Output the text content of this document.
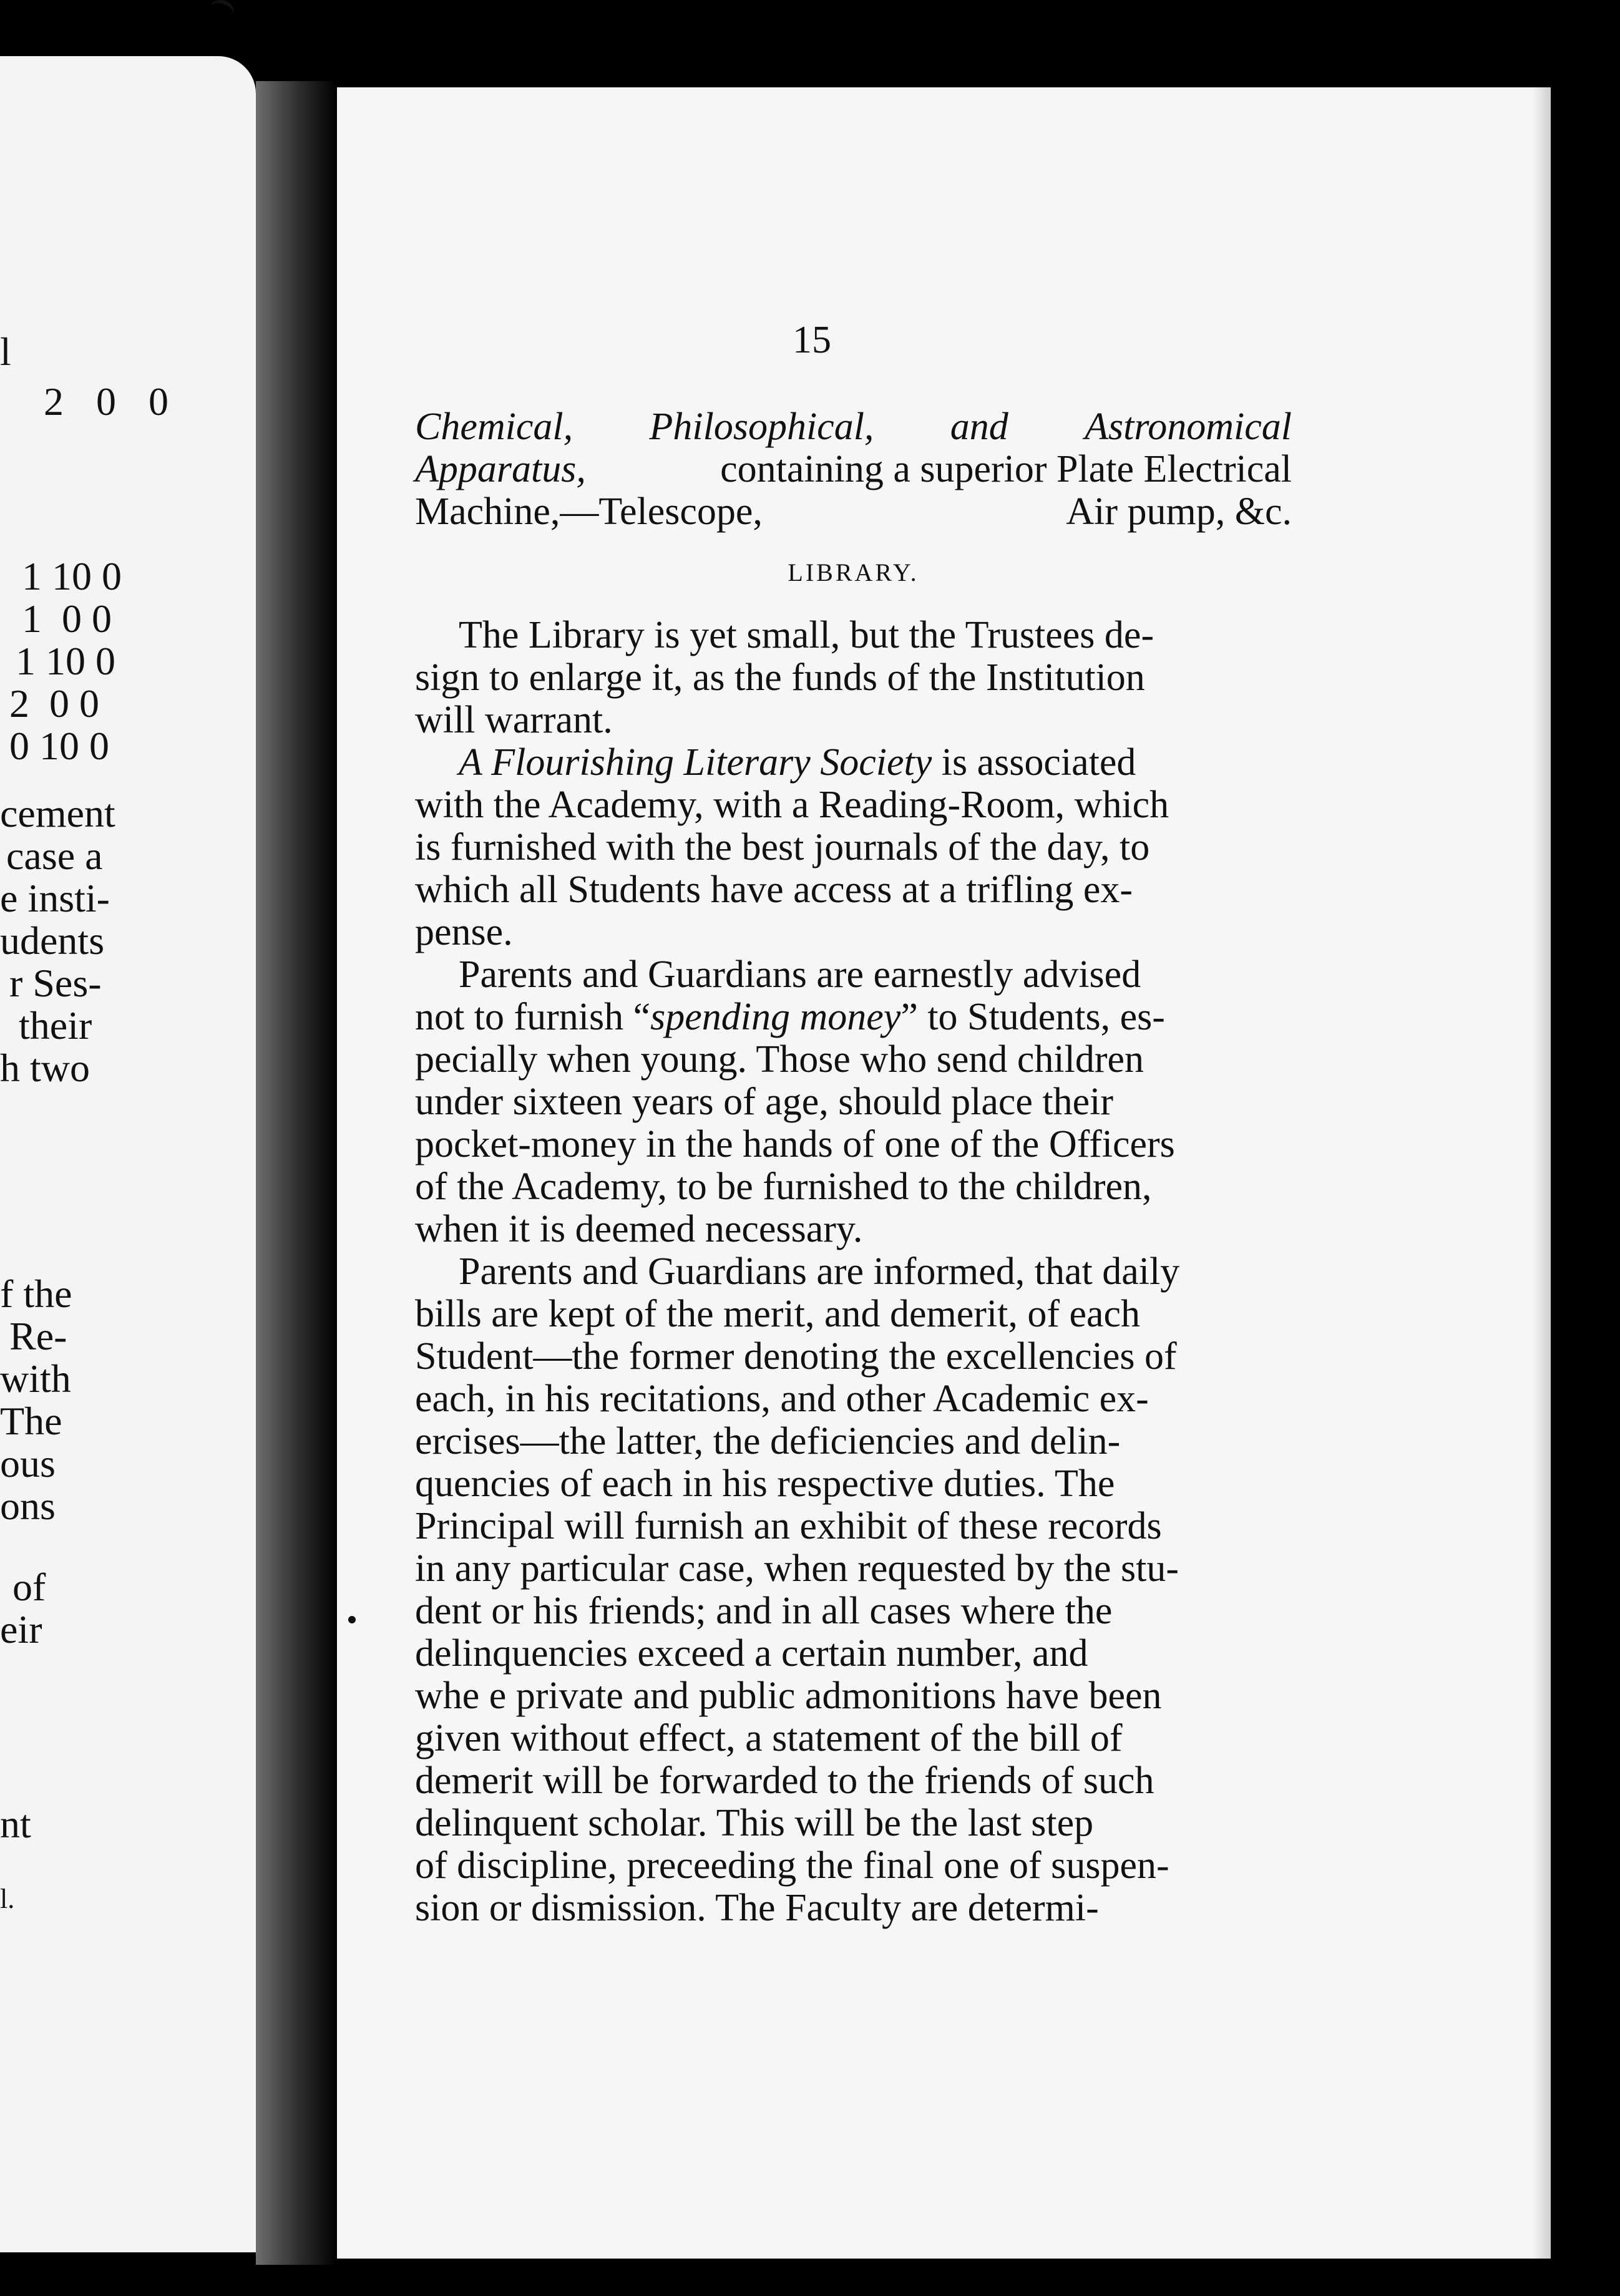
l
2 0 0
1 10 0
1  0 0
1 10 0
2  0 0
0 10 0
cement
case a
e insti-
udents
r Ses-
their
h two
f the
Re-
with
The
ous
ons
of
eir
nt
l.
15
Chemical, Philosophical, and Astronomical
Apparatus,	containing a superior Plate Electrical
Machine,—Telescope,	Air pump, &c.
LIBRARY.
The Library is yet small, but the Trustees de-
sign to enlarge it, as the funds of the Institution
will warrant.
A Flourishing Literary Society is associated
with the Academy, with a Reading-Room, which
is furnished with the best journals of the day, to
which all Students have access at a trifling ex-
pense.
Parents and Guardians are earnestly advised
not to furnish “ spending money ” to Students, es-
pecially when young. Those who send children
under sixteen years of age, should place their
pocket-money in the hands of one of the Officers
of the Academy, to be furnished to the children,
when it is deemed necessary.
Parents and Guardians are informed, that daily
bills are kept of the merit, and demerit, of each
Student—the former denoting the excellencies of
each, in his recitations, and other Academic ex-
ercises—the latter, the deficiencies and delin-
quencies of each in his respective duties. The
Principal will furnish an exhibit of these records
in any particular case, when requested by the stu-
dent or his friends; and in all cases where the
delinquencies exceed a certain number, and
whe e private and public admonitions have been
given without effect, a statement of the bill of
demerit will be forwarded to the friends of such
delinquent scholar. This will be the last step
of discipline, preceeding the final one of suspen-
sion or dismission. The Faculty are determi-
